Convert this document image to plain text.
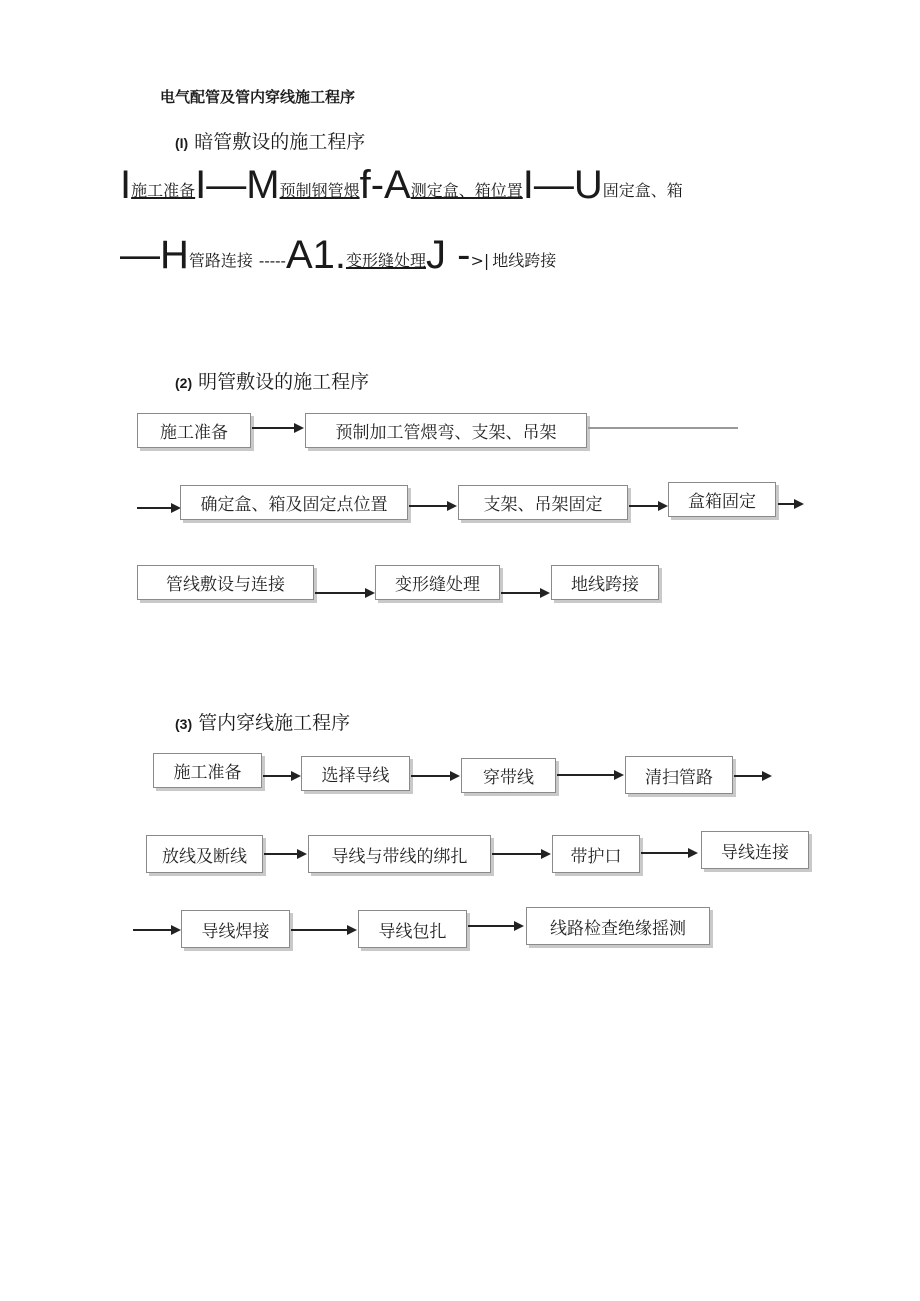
电气配管及管内穿线施工程序
(I) 暗管敷设的施工程序
I 施工准备 I—M 预制钢管煨 f-A 测定盒、箱位置 I—U 固定盒、箱
—H 管路连接 ----- A1. 变形缝处理 J - >| 地线跨接
(2) 明管敷设的施工程序
施工准备	预制加工管煨弯、支架、吊架
确定盒、箱及固定点位置	支架、吊架固定	盒箱固定
管线敷设与连接	变形缝处理	地线跨接
(3) 管内穿线施工程序
施工准备	选择导线	穿带线	清扫管路
放线及断线	导线与带线的绑扎	带护口	导线连接
导线焊接	导线包扎	线路检查绝缘摇测
